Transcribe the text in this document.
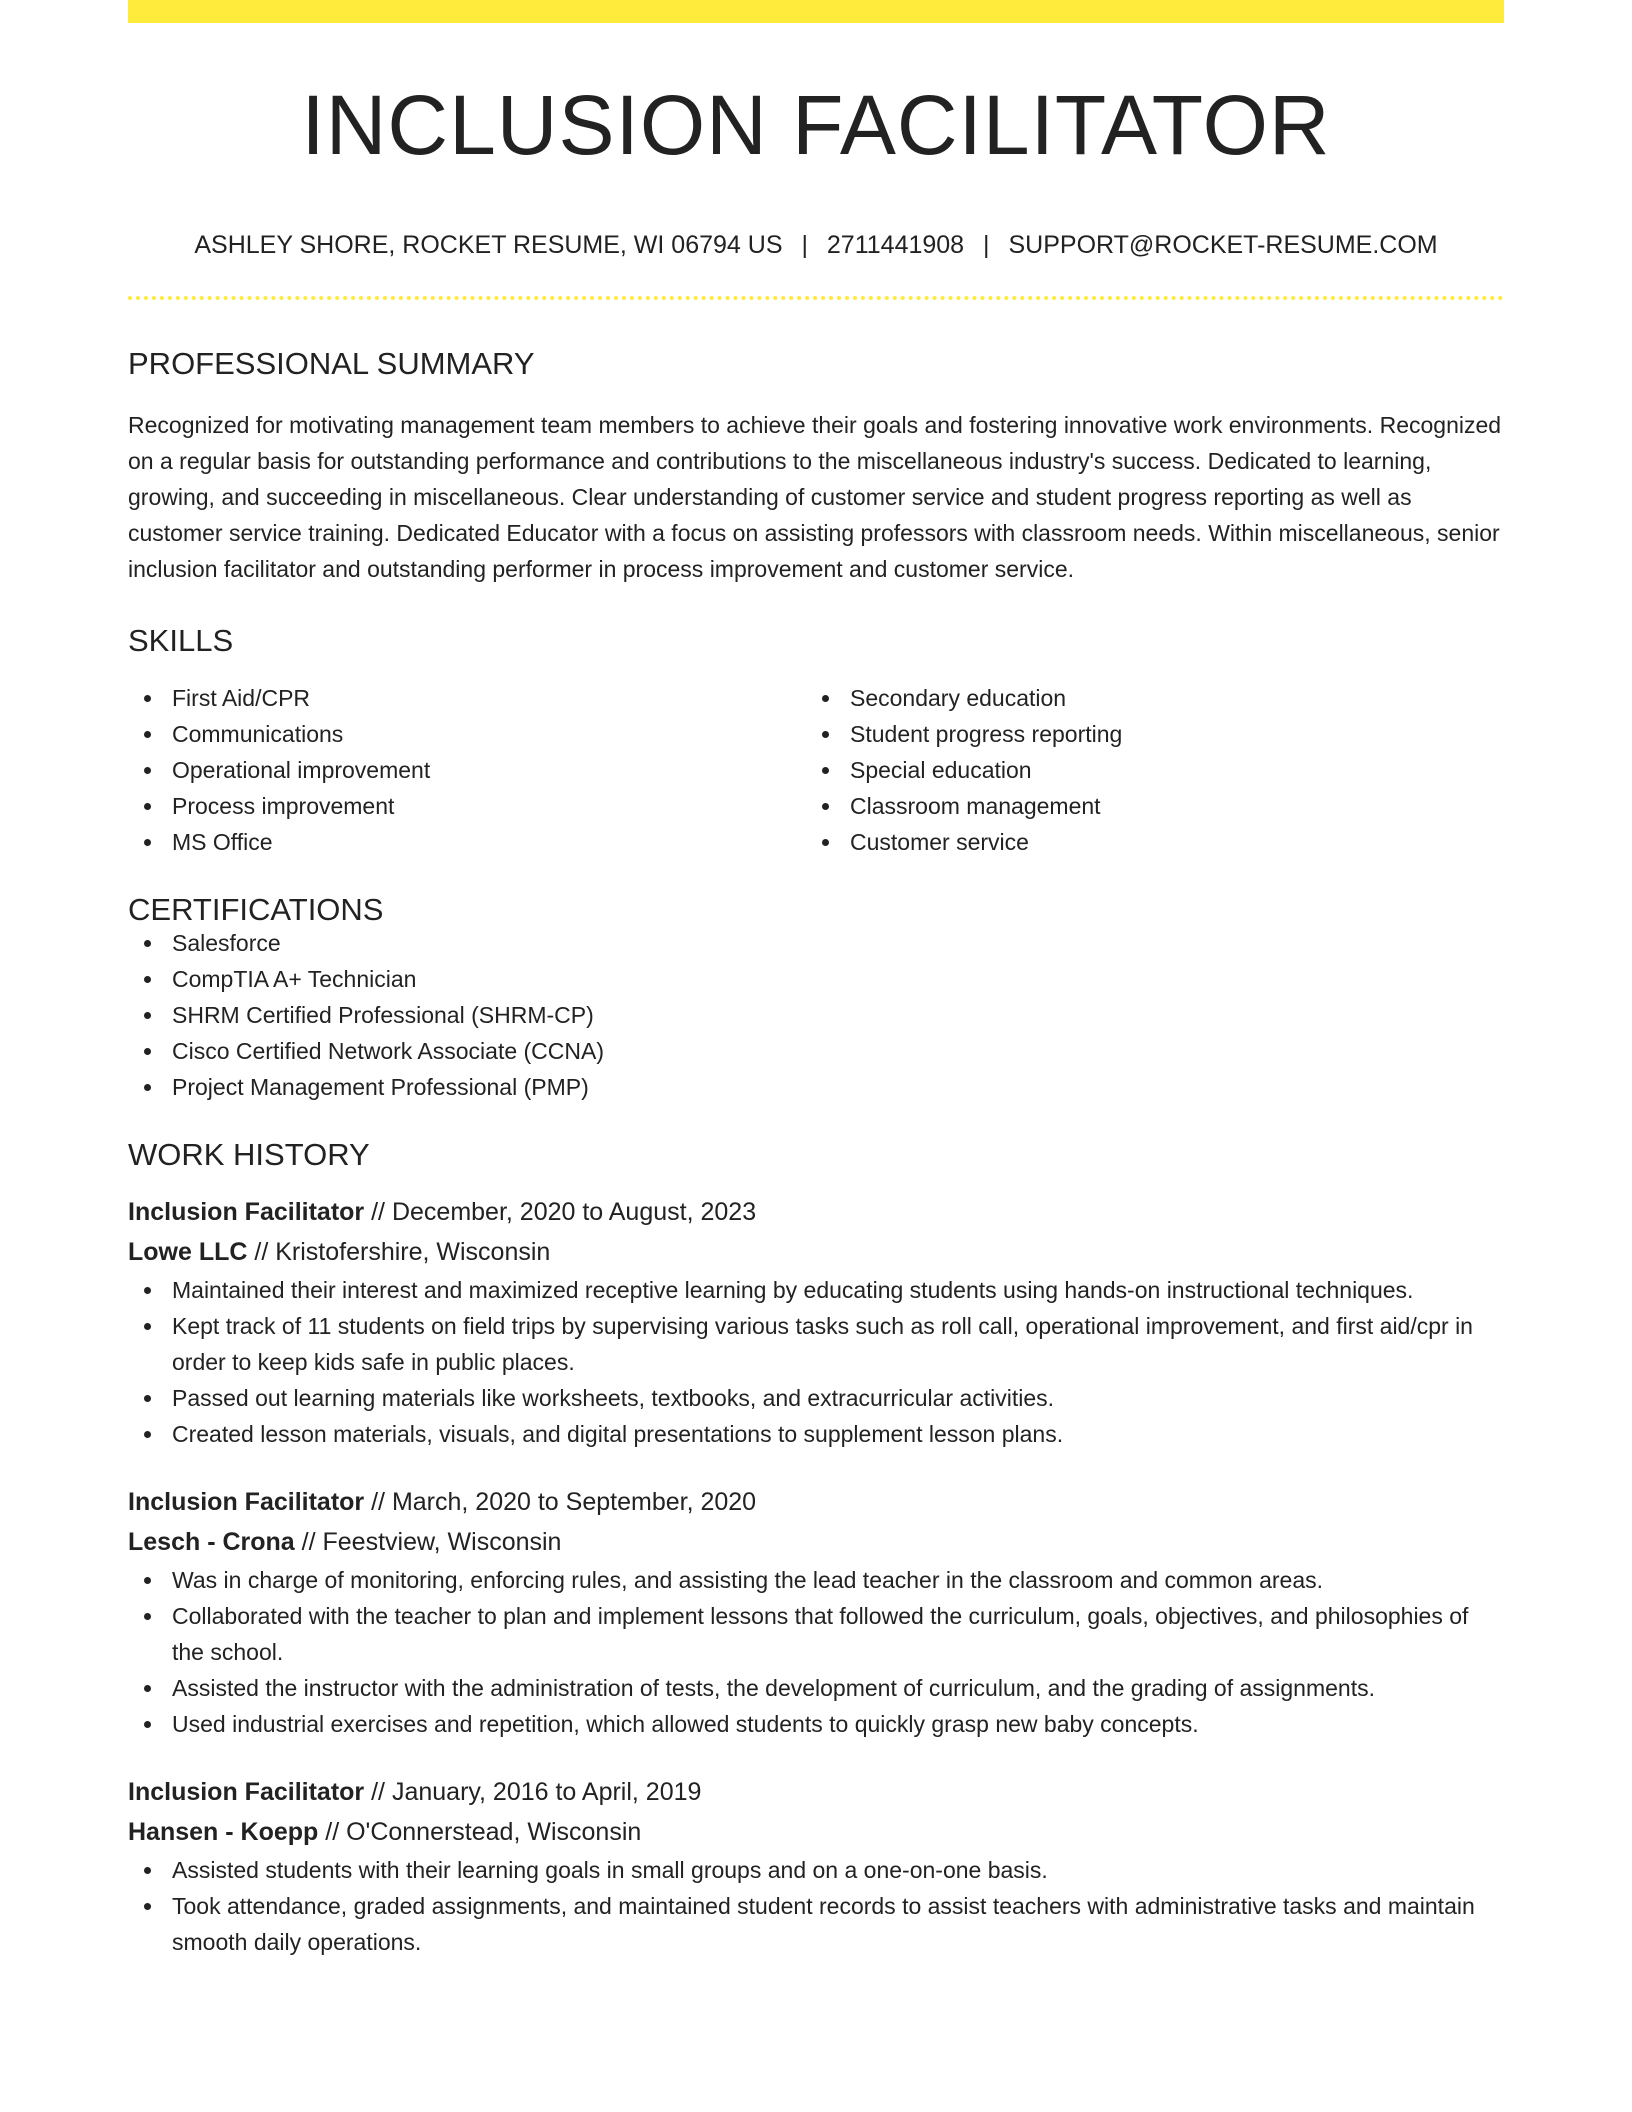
INCLUSION FACILITATOR
ASHLEY SHORE, ROCKET RESUME, WI 06794 US | 2711441908 | SUPPORT@ROCKET-RESUME.COM
PROFESSIONAL SUMMARY
Recognized for motivating management team members to achieve their goals and fostering innovative work environments. Recognized on a regular basis for outstanding performance and contributions to the miscellaneous industry's success. Dedicated to learning, growing, and succeeding in miscellaneous. Clear understanding of customer service and student progress reporting as well as customer service training. Dedicated Educator with a focus on assisting professors with classroom needs. Within miscellaneous, senior inclusion facilitator and outstanding performer in process improvement and customer service.
SKILLS
First Aid/CPR
Communications
Operational improvement
Process improvement
MS Office
Secondary education
Student progress reporting
Special education
Classroom management
Customer service
CERTIFICATIONS
Salesforce
CompTIA A+ Technician
SHRM Certified Professional (SHRM-CP)
Cisco Certified Network Associate (CCNA)
Project Management Professional (PMP)
WORK HISTORY
Inclusion Facilitator // December, 2020 to August, 2023
Lowe LLC // Kristofershire, Wisconsin
Maintained their interest and maximized receptive learning by educating students using hands-on instructional techniques.
Kept track of 11 students on field trips by supervising various tasks such as roll call, operational improvement, and first aid/cpr in order to keep kids safe in public places.
Passed out learning materials like worksheets, textbooks, and extracurricular activities.
Created lesson materials, visuals, and digital presentations to supplement lesson plans.
Inclusion Facilitator // March, 2020 to September, 2020
Lesch - Crona // Feestview, Wisconsin
Was in charge of monitoring, enforcing rules, and assisting the lead teacher in the classroom and common areas.
Collaborated with the teacher to plan and implement lessons that followed the curriculum, goals, objectives, and philosophies of the school.
Assisted the instructor with the administration of tests, the development of curriculum, and the grading of assignments.
Used industrial exercises and repetition, which allowed students to quickly grasp new baby concepts.
Inclusion Facilitator // January, 2016 to April, 2019
Hansen - Koepp // O'Connerstead, Wisconsin
Assisted students with their learning goals in small groups and on a one-on-one basis.
Took attendance, graded assignments, and maintained student records to assist teachers with administrative tasks and maintain smooth daily operations.
